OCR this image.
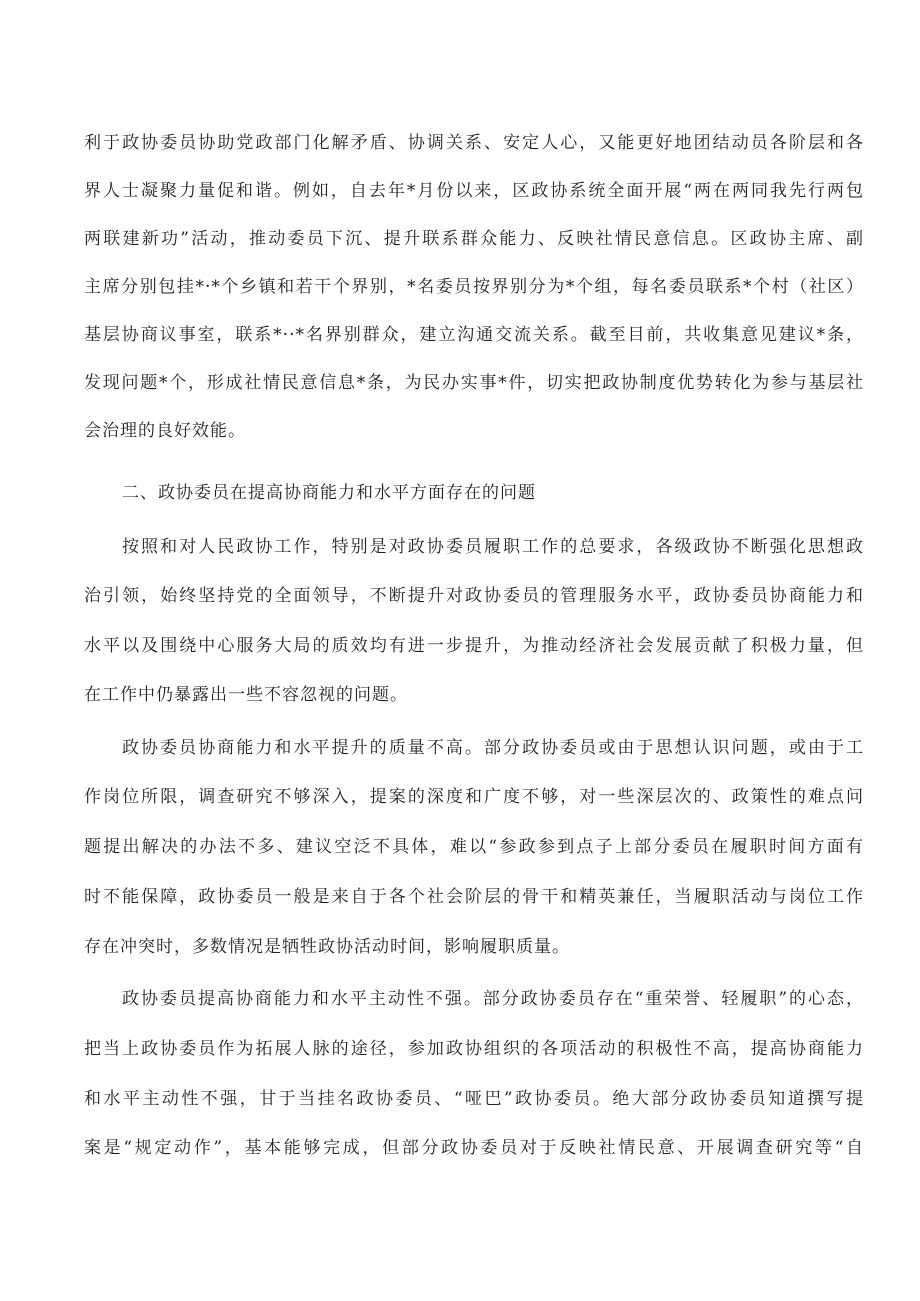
利于政协委员协助党政部门化解矛盾、协调关系、安定人心，又能更好地团结动员各阶层和各
界人士凝聚力量促和谐。例如，自去年*月份以来，区政协系统全面开展“两在两同我先行两包
两联建新功”活动，推动委员下沉、提升联系群众能力、反映社情民意信息。区政协主席、副
主席分别包挂*·*个乡镇和若干个界别，*名委员按界别分为*个组，每名委员联系*个村（社区）
基层协商议事室，联系*··*名界别群众，建立沟通交流关系。截至目前，共收集意见建议*条，
发现问题*个，形成社情民意信息*条，为民办实事*件，切实把政协制度优势转化为参与基层社
会治理的良好效能。
二、政协委员在提高协商能力和水平方面存在的问题
按照和对人民政协工作，特别是对政协委员履职工作的总要求，各级政协不断强化思想政
治引领，始终坚持党的全面领导，不断提升对政协委员的管理服务水平，政协委员协商能力和
水平以及围绕中心服务大局的质效均有进一步提升，为推动经济社会发展贡献了积极力量，但
在工作中仍暴露出一些不容忽视的问题。
政协委员协商能力和水平提升的质量不高。部分政协委员或由于思想认识问题，或由于工
作岗位所限，调查研究不够深入，提案的深度和广度不够，对一些深层次的、政策性的难点问
题提出解决的办法不多、建议空泛不具体，难以“参政参到点子上部分委员在履职时间方面有
时不能保障，政协委员一般是来自于各个社会阶层的骨干和精英兼任，当履职活动与岗位工作
存在冲突时，多数情况是牺牲政协活动时间，影响履职质量。
政协委员提高协商能力和水平主动性不强。部分政协委员存在“重荣誉、轻履职”的心态，
把当上政协委员作为拓展人脉的途径，参加政协组织的各项活动的积极性不高，提高协商能力
和水平主动性不强，甘于当挂名政协委员、“哑巴”政协委员。绝大部分政协委员知道撰写提
案是“规定动作”，基本能够完成，但部分政协委员对于反映社情民意、开展调查研究等“自
